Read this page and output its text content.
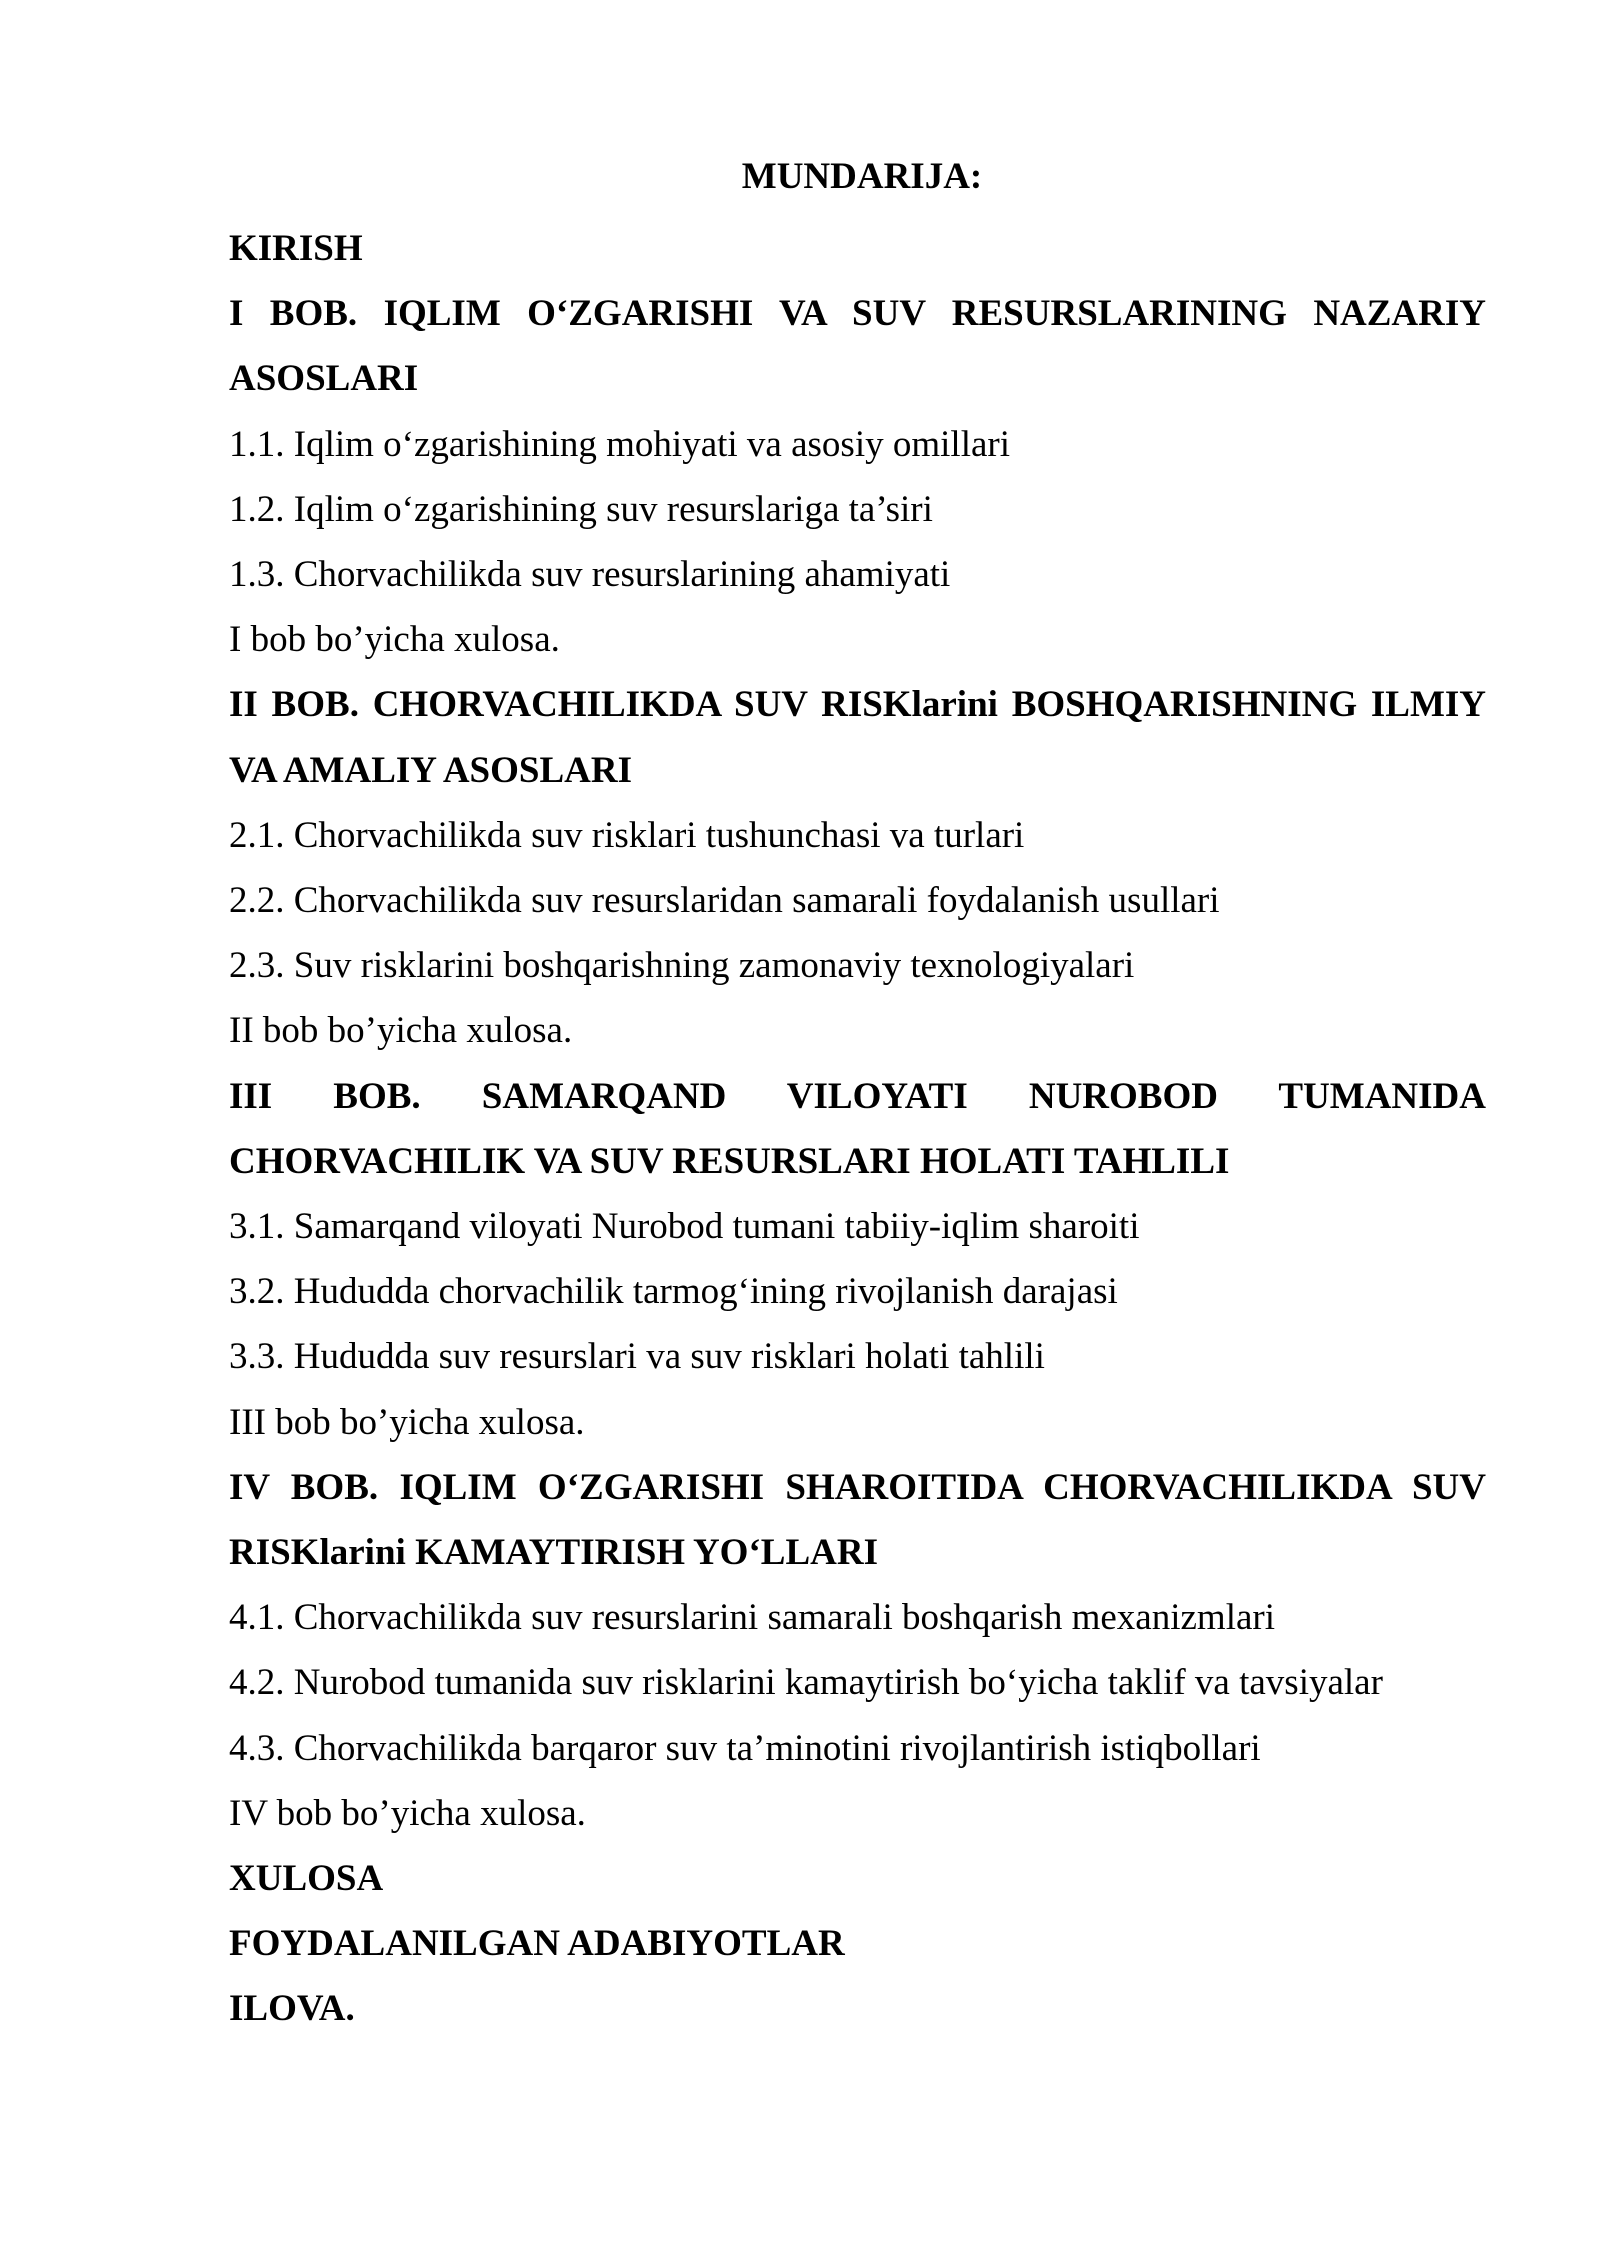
MUNDARIJA:
KIRISH
I BOB. IQLIM O‘ZGARISHI VA SUV RESURSLARINING NAZARIY
ASOSLARI
1.1. Iqlim o‘zgarishining mohiyati va asosiy omillari
1.2. Iqlim o‘zgarishining suv resurslariga ta’siri
1.3. Chorvachilikda suv resurslarining ahamiyati
I bob bo’yicha xulosa.
II BOB. CHORVACHILIKDA SUV RISKlarini BOSHQARISHNING ILMIY
VA AMALIY ASOSLARI
2.1. Chorvachilikda suv risklari tushunchasi va turlari
2.2. Chorvachilikda suv resurslaridan samarali foydalanish usullari
2.3. Suv risklarini boshqarishning zamonaviy texnologiyalari
II bob bo’yicha xulosa.
III BOB. SAMARQAND VILOYATI NUROBOD TUMANIDA
CHORVACHILIK VA SUV RESURSLARI HOLATI TAHLILI
3.1. Samarqand viloyati Nurobod tumani tabiiy-iqlim sharoiti
3.2. Hududda chorvachilik tarmog‘ining rivojlanish darajasi
3.3. Hududda suv resurslari va suv risklari holati tahlili
III bob bo’yicha xulosa.
IV BOB. IQLIM O‘ZGARISHI SHAROITIDA CHORVACHILIKDA SUV
RISKlarini KAMAYTIRISH YO‘LLARI
4.1. Chorvachilikda suv resurslarini samarali boshqarish mexanizmlari
4.2. Nurobod tumanida suv risklarini kamaytirish bo‘yicha taklif va tavsiyalar
4.3. Chorvachilikda barqaror suv ta’minotini rivojlantirish istiqbollari
IV bob bo’yicha xulosa.
XULOSA
FOYDALANILGAN ADABIYOTLAR
ILOVA.
